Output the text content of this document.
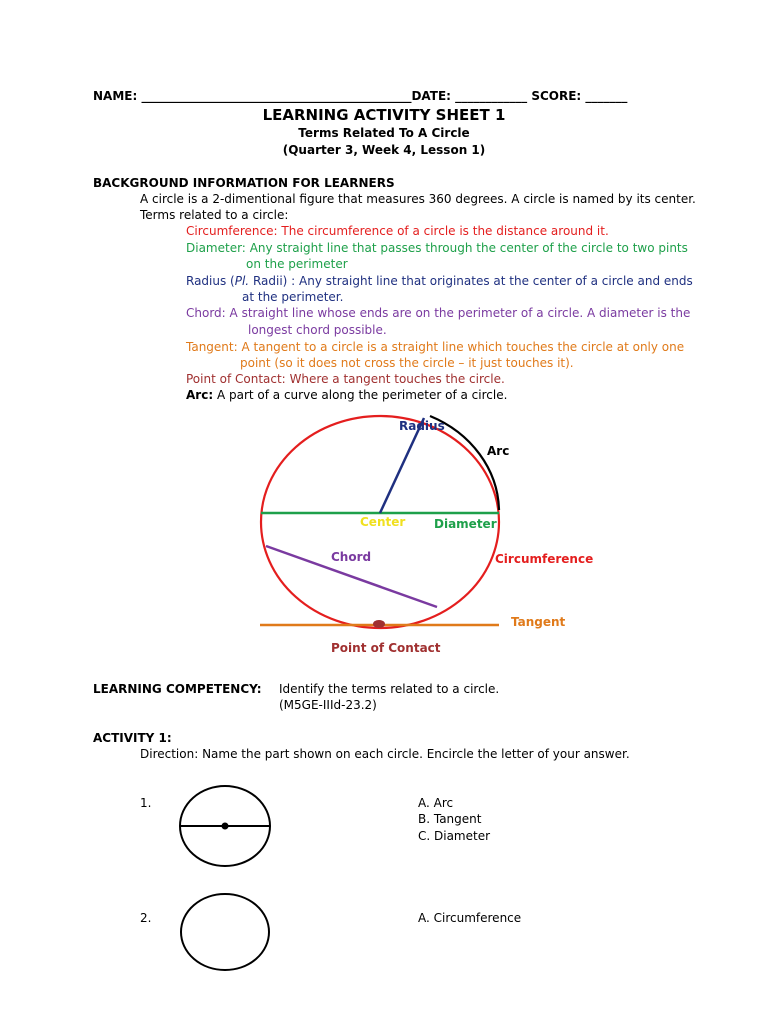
NAME: _____________________________________________DATE: ____________ SCORE: _______
LEARNING ACTIVITY SHEET 1
Terms Related To A Circle
(Quarter 3, Week 4, Lesson 1)
BACKGROUND INFORMATION FOR LEARNERS
A circle is a 2-dimentional figure that measures 360 degrees. A circle is named by its center.
Terms related to a circle:
Circumference: The circumference of a circle is the distance around it.
Diameter: Any straight line that passes through the center of the circle to two pints
on the perimeter
Radius (Pl. Radii) : Any straight line that originates at the center of a circle and ends
at the perimeter.
Chord: A straight line whose ends are on the perimeter of a circle. A diameter is the
longest chord possible.
Tangent: A tangent to a circle is a straight line which touches the circle at only one
point (so it does not cross the circle – it just touches it).
Point of Contact: Where a tangent touches the circle.
Arc: A part of a curve along the perimeter of a circle.
Radius
Arc
Center Diameter
Chord	Circumference
Tangent
Point of Contact
LEARNING COMPETENCY: Identify the terms related to a circle.
(M5GE-IIId-23.2)
ACTIVITY 1:
Direction: Name the part shown on each circle. Encircle the letter of your answer.
1.	A. Arc
B. Tangent
C. Diameter
2.	A. Circumference
